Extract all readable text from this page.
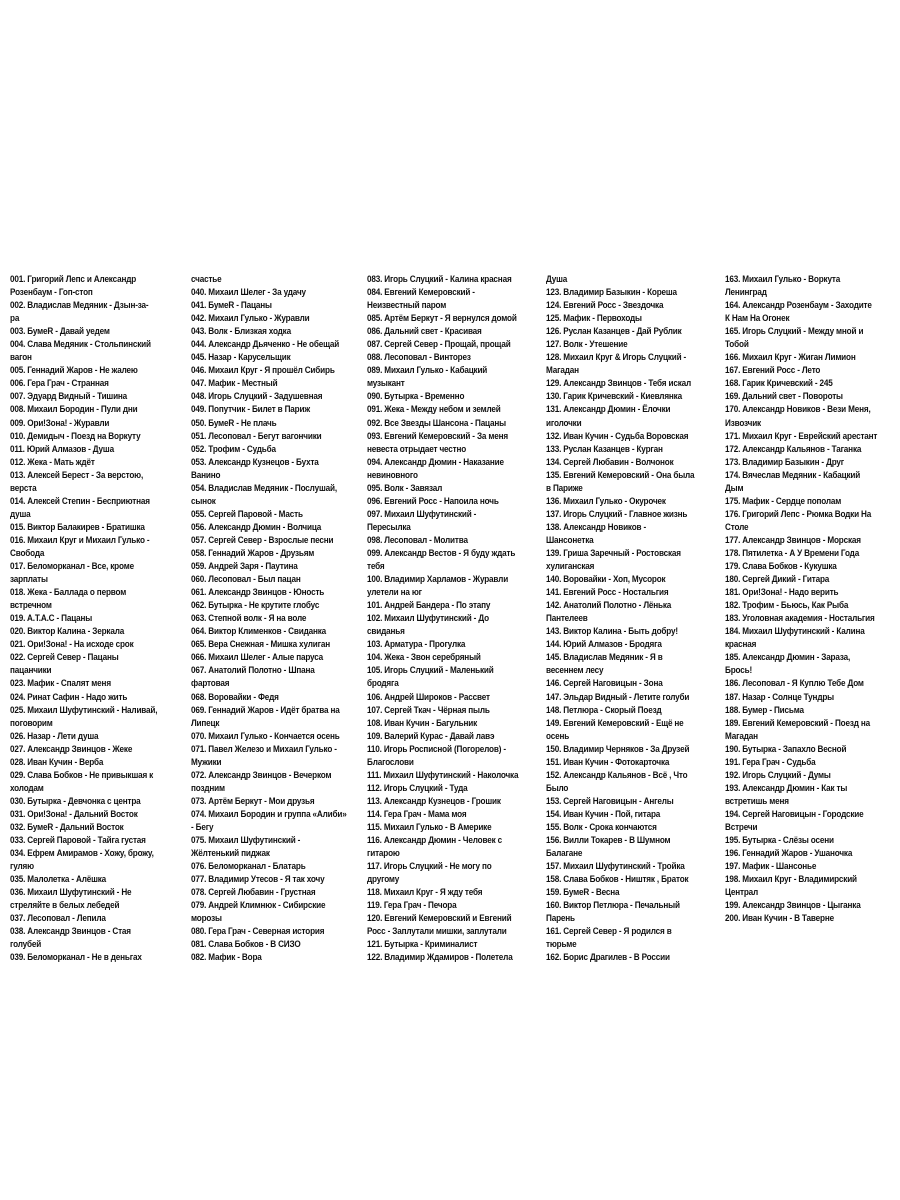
001. Григорий Лепс и Александр
Розенбаум - Гоп-стоп
002. Владислав Медяник - Дзын-за-
ра
003. БумеR - Давай уедем
004. Слава Медяник - Стольпинский
вагон
005. Геннадий Жаров - Не жалею
006. Гера Грач - Странная
007. Эдуард Видный - Тишина
008. Михаил Бородин - Пули дни
009. Ори!Зона! - Журавли
010. Демидыч - Поезд на Воркуту
011. Юрий Алмазов - Душа
012. Жека - Мать ждёт
013. Алексей Берест - За верстою,
верста
014. Алексей Степин - Бесприютная
душа
015. Виктор Балакирев - Братишка
016. Михаил Круг и Михаил Гулько -
Свобода
017. Беломорканал - Все, кроме
зарплаты
018. Жека - Баллада о первом
встречном
019. A.T.A.C - Пацаны
020. Виктор Калина - Зеркала
021. Ори!Зона! - На исходе срок
022. Сергей Север - Пацаны
пацанчики
023. Мафик - Спалят меня
024. Ринат Сафин - Надо жить
025. Михаил Шуфутинский - Наливай,
поговорим
026. Назар - Лети душа
027. Александр Звинцов - Жеке
028. Иван Кучин - Верба
029. Слава Бобков - Не привыкшая к
холодам
030. Бутырка - Девчонка с центра
031. Ори!Зона! - Дальний Восток
032. БумеR - Дальний Восток
033. Сергей Паровой - Тайга густая
034. Ефрем Амирамов - Хожу, брожу,
гуляю
035. Малолетка - Алёшка
036. Михаил Шуфутинский - Не
стреляйте в белых лебедей
037. Лесоповал - Лепила
038. Александр Звинцов - Стая
голубей
039. Беломорканал - Не в деньгах
счастье
040. Михаил Шелег - За удачу
041. БумеR - Пацаны
042. Михаил Гулько - Журавли
043. Волк - Близкая ходка
044. Александр Дьяченко - Не обещай
045. Назар - Карусельщик
046. Михаил Круг - Я прошёл Сибирь
047. Мафик - Местный
048. Игорь Слуцкий - Задушевная
049. Попутчик - Билет в Париж
050. БумеR - Не плачь
051. Лесоповал - Бегут вагончики
052. Трофим - Судьба
053. Александр Кузнецов - Бухта
Ванино
054. Владислав Медяник - Послушай,
сынок
055. Сергей Паровой - Масть
056. Александр Дюмин - Волчица
057. Сергей Север - Взрослые песни
058. Геннадий Жаров - Друзьям
059. Андрей Заря - Паутина
060. Лесоповал - Был пацан
061. Александр Звинцов - Юность
062. Бутырка - Не крутите глобус
063. Степной волк - Я на воле
064. Виктор Клименков - Свиданка
065. Вера Снежная - Мишка хулиган
066. Михаил Шелег - Алые паруса
067. Анатолий Полотно - Шпана
фартовая
068. Воровайки - Федя
069. Геннадий Жаров - Идёт братва на
Липецк
070. Михаил Гулько - Кончается осень
071. Павел Железо и Михаил Гулько -
Мужики
072. Александр Звинцов - Вечерком
поздним
073. Артём Беркут - Мои друзья
074. Михаил Бородин и группа «Алиби»
- Бегу
075. Михаил Шуфутинский -
Жёлтенький пиджак
076. Беломорканал - Блатарь
077. Владимир Утесов - Я так хочу
078. Сергей Любавин - Грустная
079. Андрей Климнюк - Сибирские
морозы
080. Гера Грач - Северная история
081. Слава Бобков - В СИЗО
082. Мафик - Вора
083. Игорь Слуцкий - Калина красная
084. Евгений Кемеровский -
Неизвестный паром
085. Артём Беркут - Я вернулся домой
086. Дальний свет - Красивая
087. Сергей Север - Прощай, прощай
088. Лесоповал - Винторез
089. Михаил Гулько - Кабацкий
музыкант
090. Бутырка - Временно
091. Жека - Между небом и землей
092. Все Звезды Шансона - Пацаны
093. Евгений Кемеровский - За меня
невеста отрыдает честно
094. Александр Дюмин - Наказание
невиновного
095. Волк - Завязал
096. Евгений Росс - Напоила ночь
097. Михаил Шуфутинский -
Пересылка
098. Лесоповал - Молитва
099. Александр Вестов - Я буду ждать
тебя
100. Владимир Харламов - Журавли
улетели на юг
101. Андрей Бандера - По этапу
102. Михаил Шуфутинский - До
свиданья
103. Арматура - Прогулка
104. Жека - Звон серебряный
105. Игорь Слуцкий - Маленький
бродяга
106. Андрей Широков - Рассвет
107. Сергей Ткач - Чёрная пыль
108. Иван Кучин - Багульник
109. Валерий Курас - Давай лавэ
110. Игорь Росписной (Погорелов) -
Благослови
111. Михаил Шуфутинский - Наколочка
112. Игорь Слуцкий - Туда
113. Александр Кузнецов - Грошик
114. Гера Грач - Мама моя
115. Михаил Гулько - В Америке
116. Александр Дюмин - Человек с
гитарою
117. Игорь Слуцкий - Не могу по
другому
118. Михаил Круг - Я жду тебя
119. Гера Грач - Печора
120. Евгений Кемеровский и Евгений
Росс - Заплутали мишки, заплутали
121. Бутырка - Криминалист
122. Владимир Ждамиров - Полетела
Душа
123. Владимир Базыкин - Кореша
124. Евгений Росс - Звездочка
125. Мафик - Первоходы
126. Руслан Казанцев - Дай Рублик
127. Волк - Утешение
128. Михаил Круг & Игорь Слуцкий -
Магадан
129. Александр Звинцов - Тебя искал
130. Гарик Кричевский - Киевлянка
131. Александр Дюмин - Ёлочки
иголочки
132. Иван Кучин - Судьба Воровская
133. Руслан Казанцев - Курган
134. Сергей Любавин - Волчонок
135. Евгений Кемеровский - Она была
в Париже
136. Михаил Гулько - Окурочек
137. Игорь Слуцкий - Главное жизнь
138. Александр Новиков -
Шансонетка
139. Гриша Заречный - Ростовская
хулиганская
140. Воровайки - Хоп, Мусорок
141. Евгений Росс - Ностальгия
142. Анатолий Полотно - Лёнька
Пантелеев
143. Виктор Калина - Быть добру!
144. Юрий Алмазов - Бродяга
145. Владислав Медяник - Я в
весеннем лесу
146. Сергей Наговицын - Зона
147. Эльдар Видный - Летите голуби
148. Петлюра - Скорый Поезд
149. Евгений Кемеровский - Ещё не
осень
150. Владимир Черняков - За Друзей
151. Иван Кучин - Фотокарточка
152. Александр Кальянов - Всё , Что
Было
153. Сергей Наговицын - Ангелы
154. Иван Кучин - Пой, гитара
155. Волк - Срока кончаются
156. Вилли Токарев - В Шумном
Балагане
157. Михаил Шуфутинский - Тройка
158. Слава Бобков - Ништяк , Браток
159. БумеR - Весна
160. Виктор Петлюра - Печальный
Парень
161. Сергей Север - Я родился в
тюрьме
162. Борис Драгилев - В России
163. Михаил Гулько - Воркута
Ленинград
164. Александр Розенбаум - Заходите
К Нам На Огонек
165. Игорь Слуцкий - Между мной и
Тобой
166. Михаил Круг - Жиган Лимион
167. Евгений Росс - Лето
168. Гарик Кричевский - 245
169. Дальний свет - Повороты
170. Александр Новиков - Вези Меня,
Извозчик
171. Михаил Круг - Еврейский арестант
172. Александр Кальянов - Таганка
173. Владимир Базыкин - Друг
174. Вячеслав Медяник - Кабацкий
Дым
175. Мафик - Сердце пополам
176. Григорий Лепс - Рюмка Водки На
Столе
177. Александр Звинцов - Морская
178. Пятилетка - А У Времени Года
179. Слава Бобков - Кукушка
180. Сергей Дикий - Гитара
181. Ори!Зона! - Надо верить
182. Трофим - Бьюсь, Как Рыба
183. Уголовная академия - Ностальгия
184. Михаил Шуфутинский - Калина
красная
185. Александр Дюмин - Зараза,
Брось!
186. Лесоповал - Я Куплю Тебе Дом
187. Назар - Солнце Тундры
188. Бумер - Письма
189. Евгений Кемеровский - Поезд на
Магадан
190. Бутырка - Запахло Весной
191. Гера Грач - Судьба
192. Игорь Слуцкий - Думы
193. Александр Дюмин - Как ты
встретишь меня
194. Сергей Наговицын - Городские
Встречи
195. Бутырка - Слёзы осени
196. Геннадий Жаров - Ушаночка
197. Мафик - Шансонье
198. Михаил Круг - Владимирский
Централ
199. Александр Звинцов - Цыганка
200. Иван Кучин - В Таверне
